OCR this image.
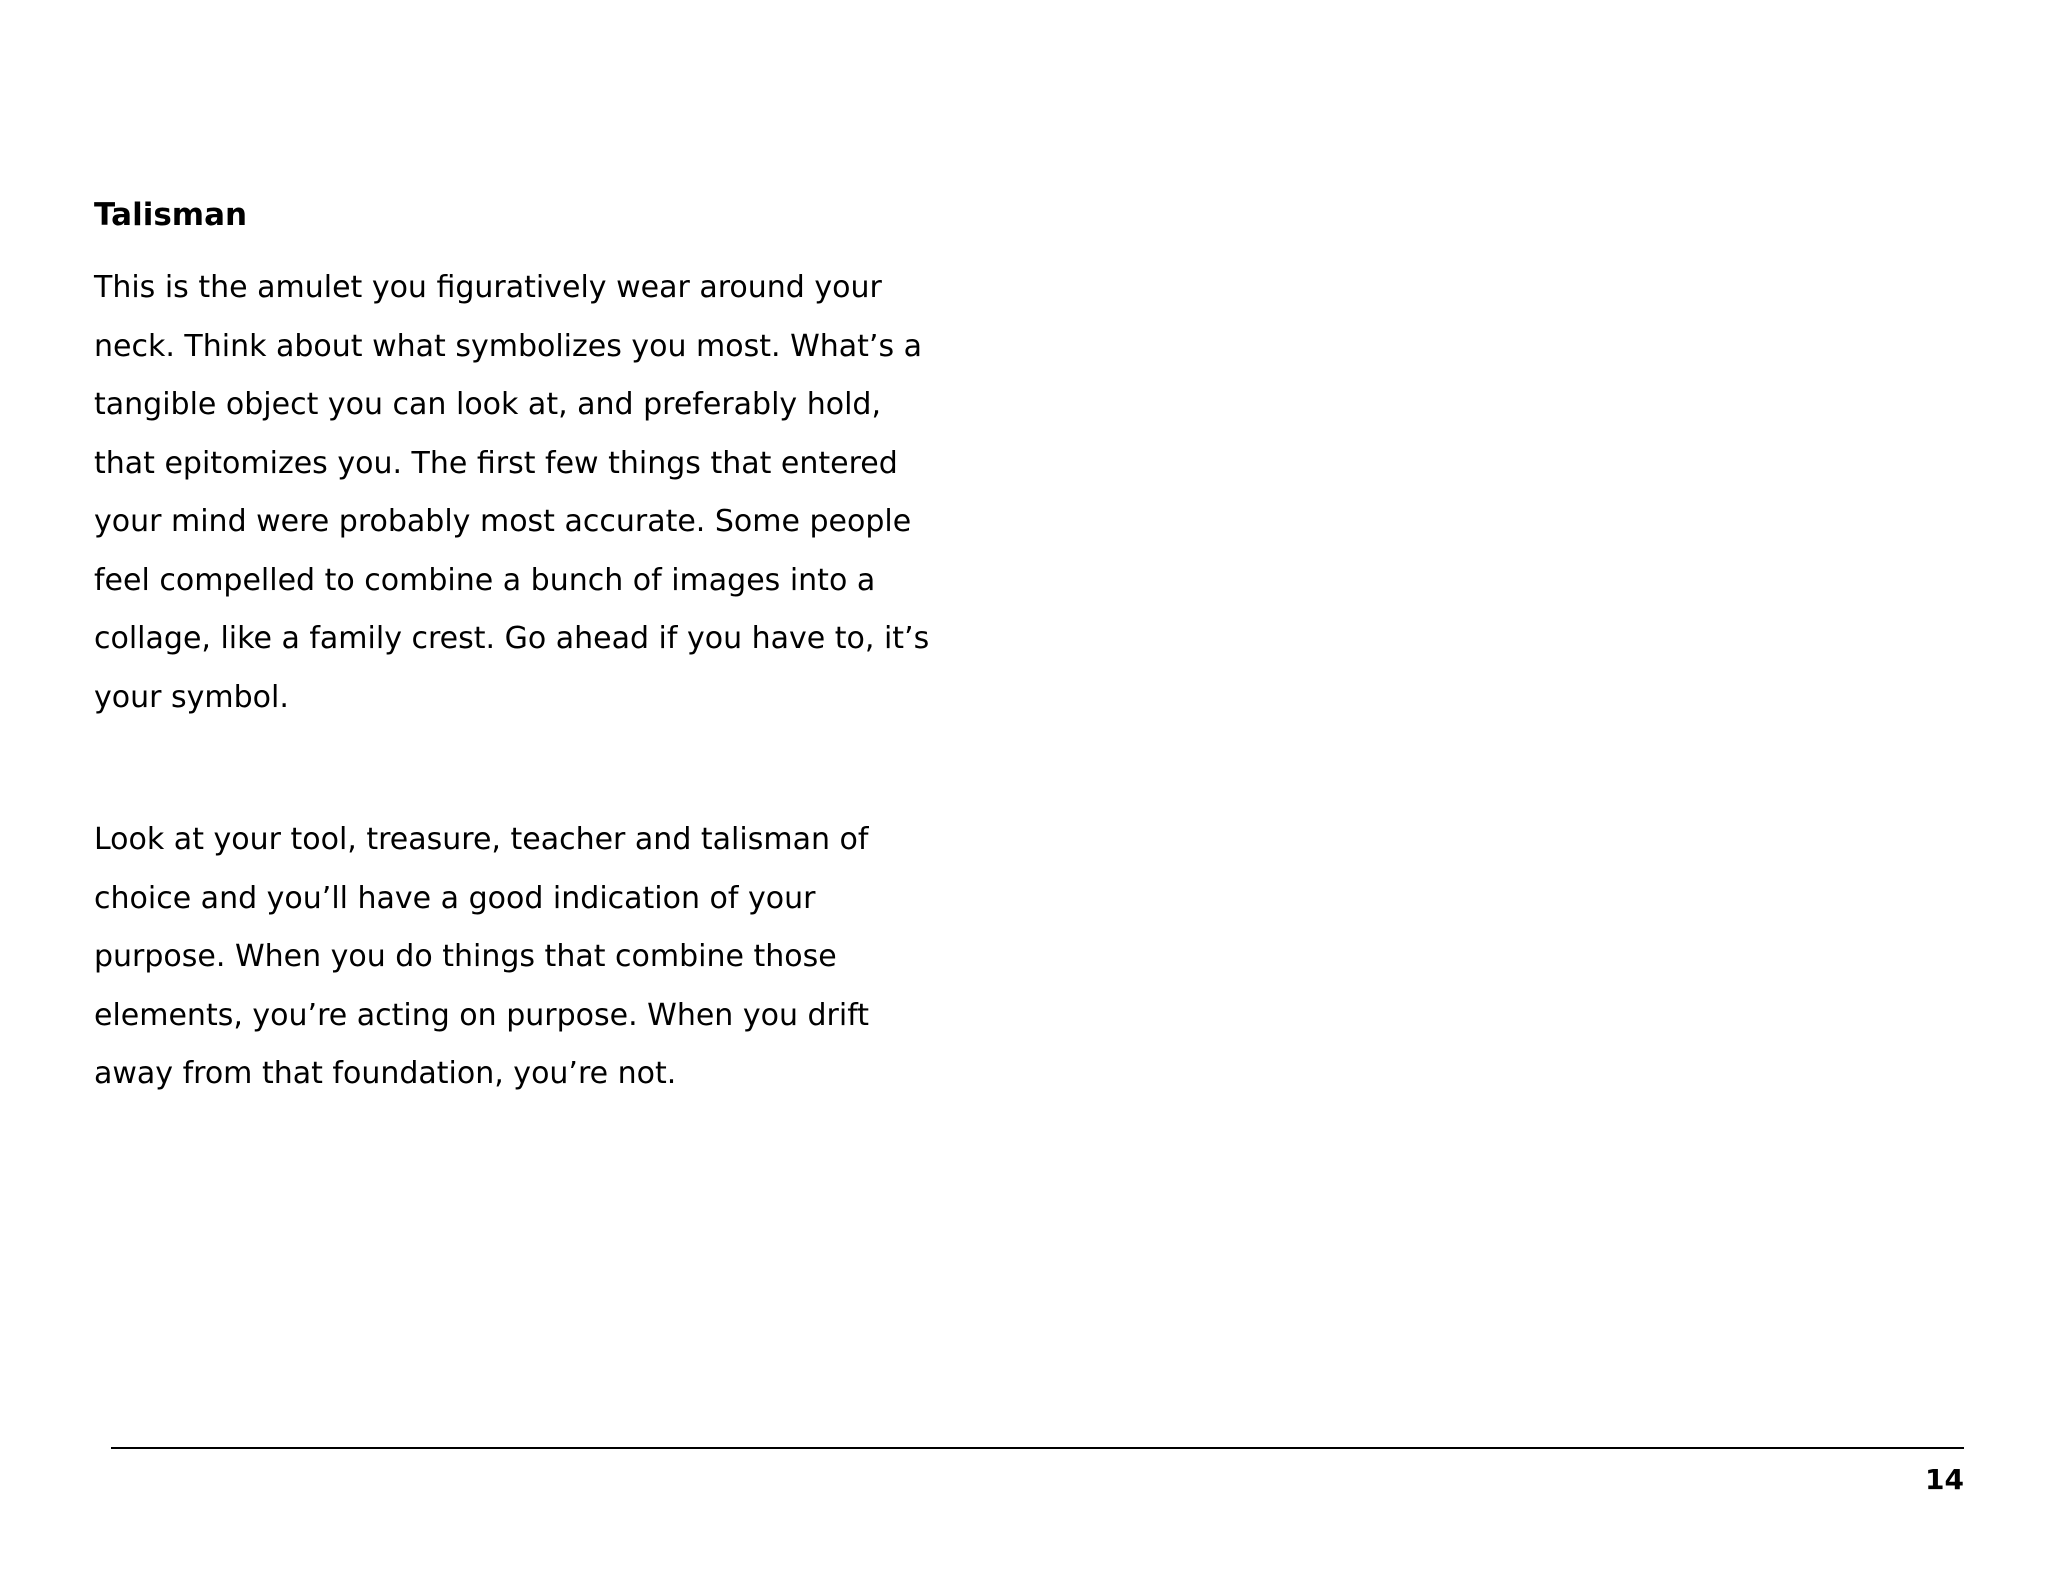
Talisman

This is the amulet you figuratively wear around your

neck. Think about what symbolizes you most. What’s a

tangible object you can look at, and preferably hold,

that epitomizes you. The first few things that entered

your mind were probably most accurate. Some people

feel compelled to combine a bunch of images into a

collage, like a family crest. Go ahead if you have to, it’s

your symbol.

Look at your tool, treasure, teacher and talisman of

choice and you’ll have a good indication of your

purpose. When you do things that combine those

elements, you’re acting on purpose. When you drift

away from that foundation, you’re not.

14
